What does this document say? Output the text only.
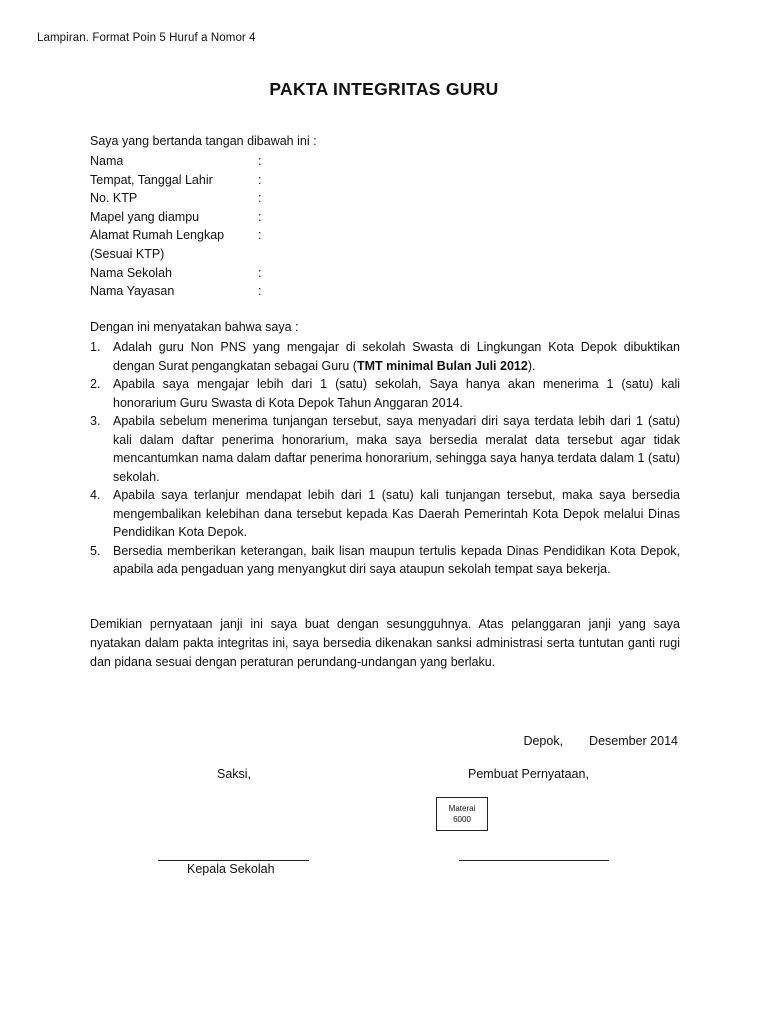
Lampiran. Format Poin 5 Huruf a Nomor 4
PAKTA INTEGRITAS GURU
Saya yang bertanda tangan dibawah ini :
Nama	:
Tempat, Tanggal Lahir	:
No. KTP	:
Mapel yang diampu	:
Alamat Rumah Lengkap	:
(Sesuai KTP)
Nama Sekolah	:
Nama Yayasan	:
Dengan ini menyatakan bahwa saya :
1.	Adalah guru Non PNS yang mengajar di sekolah Swasta di Lingkungan Kota Depok dibuktikan dengan Surat pengangkatan sebagai Guru (TMT minimal Bulan Juli 2012).
2.	Apabila saya mengajar lebih dari 1 (satu) sekolah, Saya hanya akan menerima 1 (satu) kali honorarium Guru Swasta di Kota Depok Tahun Anggaran 2014.
3.	Apabila sebelum menerima tunjangan tersebut, saya menyadari diri saya terdata lebih dari 1 (satu) kali dalam daftar penerima honorarium, maka saya bersedia meralat data tersebut agar tidak mencantumkan nama dalam daftar penerima honorarium, sehingga saya hanya terdata dalam 1 (satu) sekolah.
4.	Apabila saya terlanjur mendapat lebih dari 1 (satu) kali tunjangan tersebut, maka saya bersedia mengembalikan kelebihan dana tersebut kepada Kas Daerah Pemerintah Kota Depok melalui Dinas Pendidikan Kota Depok.
5.	Bersedia memberikan keterangan, baik lisan maupun tertulis kepada Dinas Pendidikan Kota Depok, apabila ada pengaduan yang menyangkut diri saya ataupun sekolah tempat saya bekerja.
Demikian pernyataan janji ini saya buat dengan sesungguhnya. Atas pelanggaran janji yang saya nyatakan dalam pakta integritas ini, saya bersedia dikenakan sanksi administrasi serta tuntutan ganti rugi dan pidana sesuai dengan peraturan perundang-undangan yang berlaku.
Depok, Desember 2014
Saksi,	Pembuat Pernyataan,
Materai
6000
Kepala Sekolah
